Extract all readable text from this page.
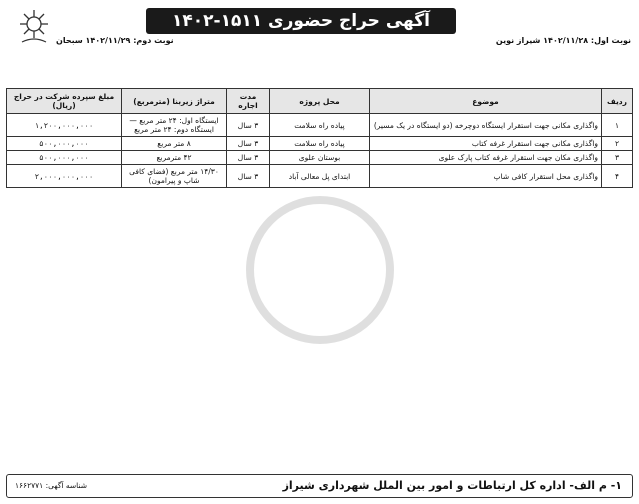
آگهی حراج حضوری ۱۵۱۱-۱۴۰۲
نوبت اول: ۱۴۰۲/۱۱/۲۸ شیراز نوین
نوبت دوم: ۱۴۰۲/۱۱/۲۹ سبحان
ردیف	موضوع	محل پروژه	مدت اجاره	متراژ زیربنا (مترمربع)	مبلغ سپرده شرکت در حراج (ریال)
۱	واگذاری مکانی جهت استقرار ایستگاه دوچرخه (دو ایستگاه در یک مسیر)	پیاده راه سلامت	۳ سال	ایستگاه اول: ۲۴ متر مربع — ایستگاه دوم: ۲۴ متر مربع	۱,۲۰۰,۰۰۰,۰۰۰
۲	واگذاری مکانی جهت استقرار غرفه کتاب	پیاده راه سلامت	۳ سال	۸ متر مربع	۵۰۰,۰۰۰,۰۰۰
۳	واگذاری مکان جهت استقرار غرفه کتاب پارک علوی	بوستان علوی	۳ سال	۴۲ مترمربع	۵۰۰,۰۰۰,۰۰۰
۴	واگذاری محل استقرار کافی شاپ	ابتدای پل معالی آباد	۳ سال	۱۴/۳۰ متر مربع (فضای کافی شاپ و پیرامون)	۲,۰۰۰,۰۰۰,۰۰۰
۱- م الف- اداره کل ارتباطات و امور بین الملل شهرداری شیراز
شناسه آگهی: ۱۶۶۲۷۷۱
